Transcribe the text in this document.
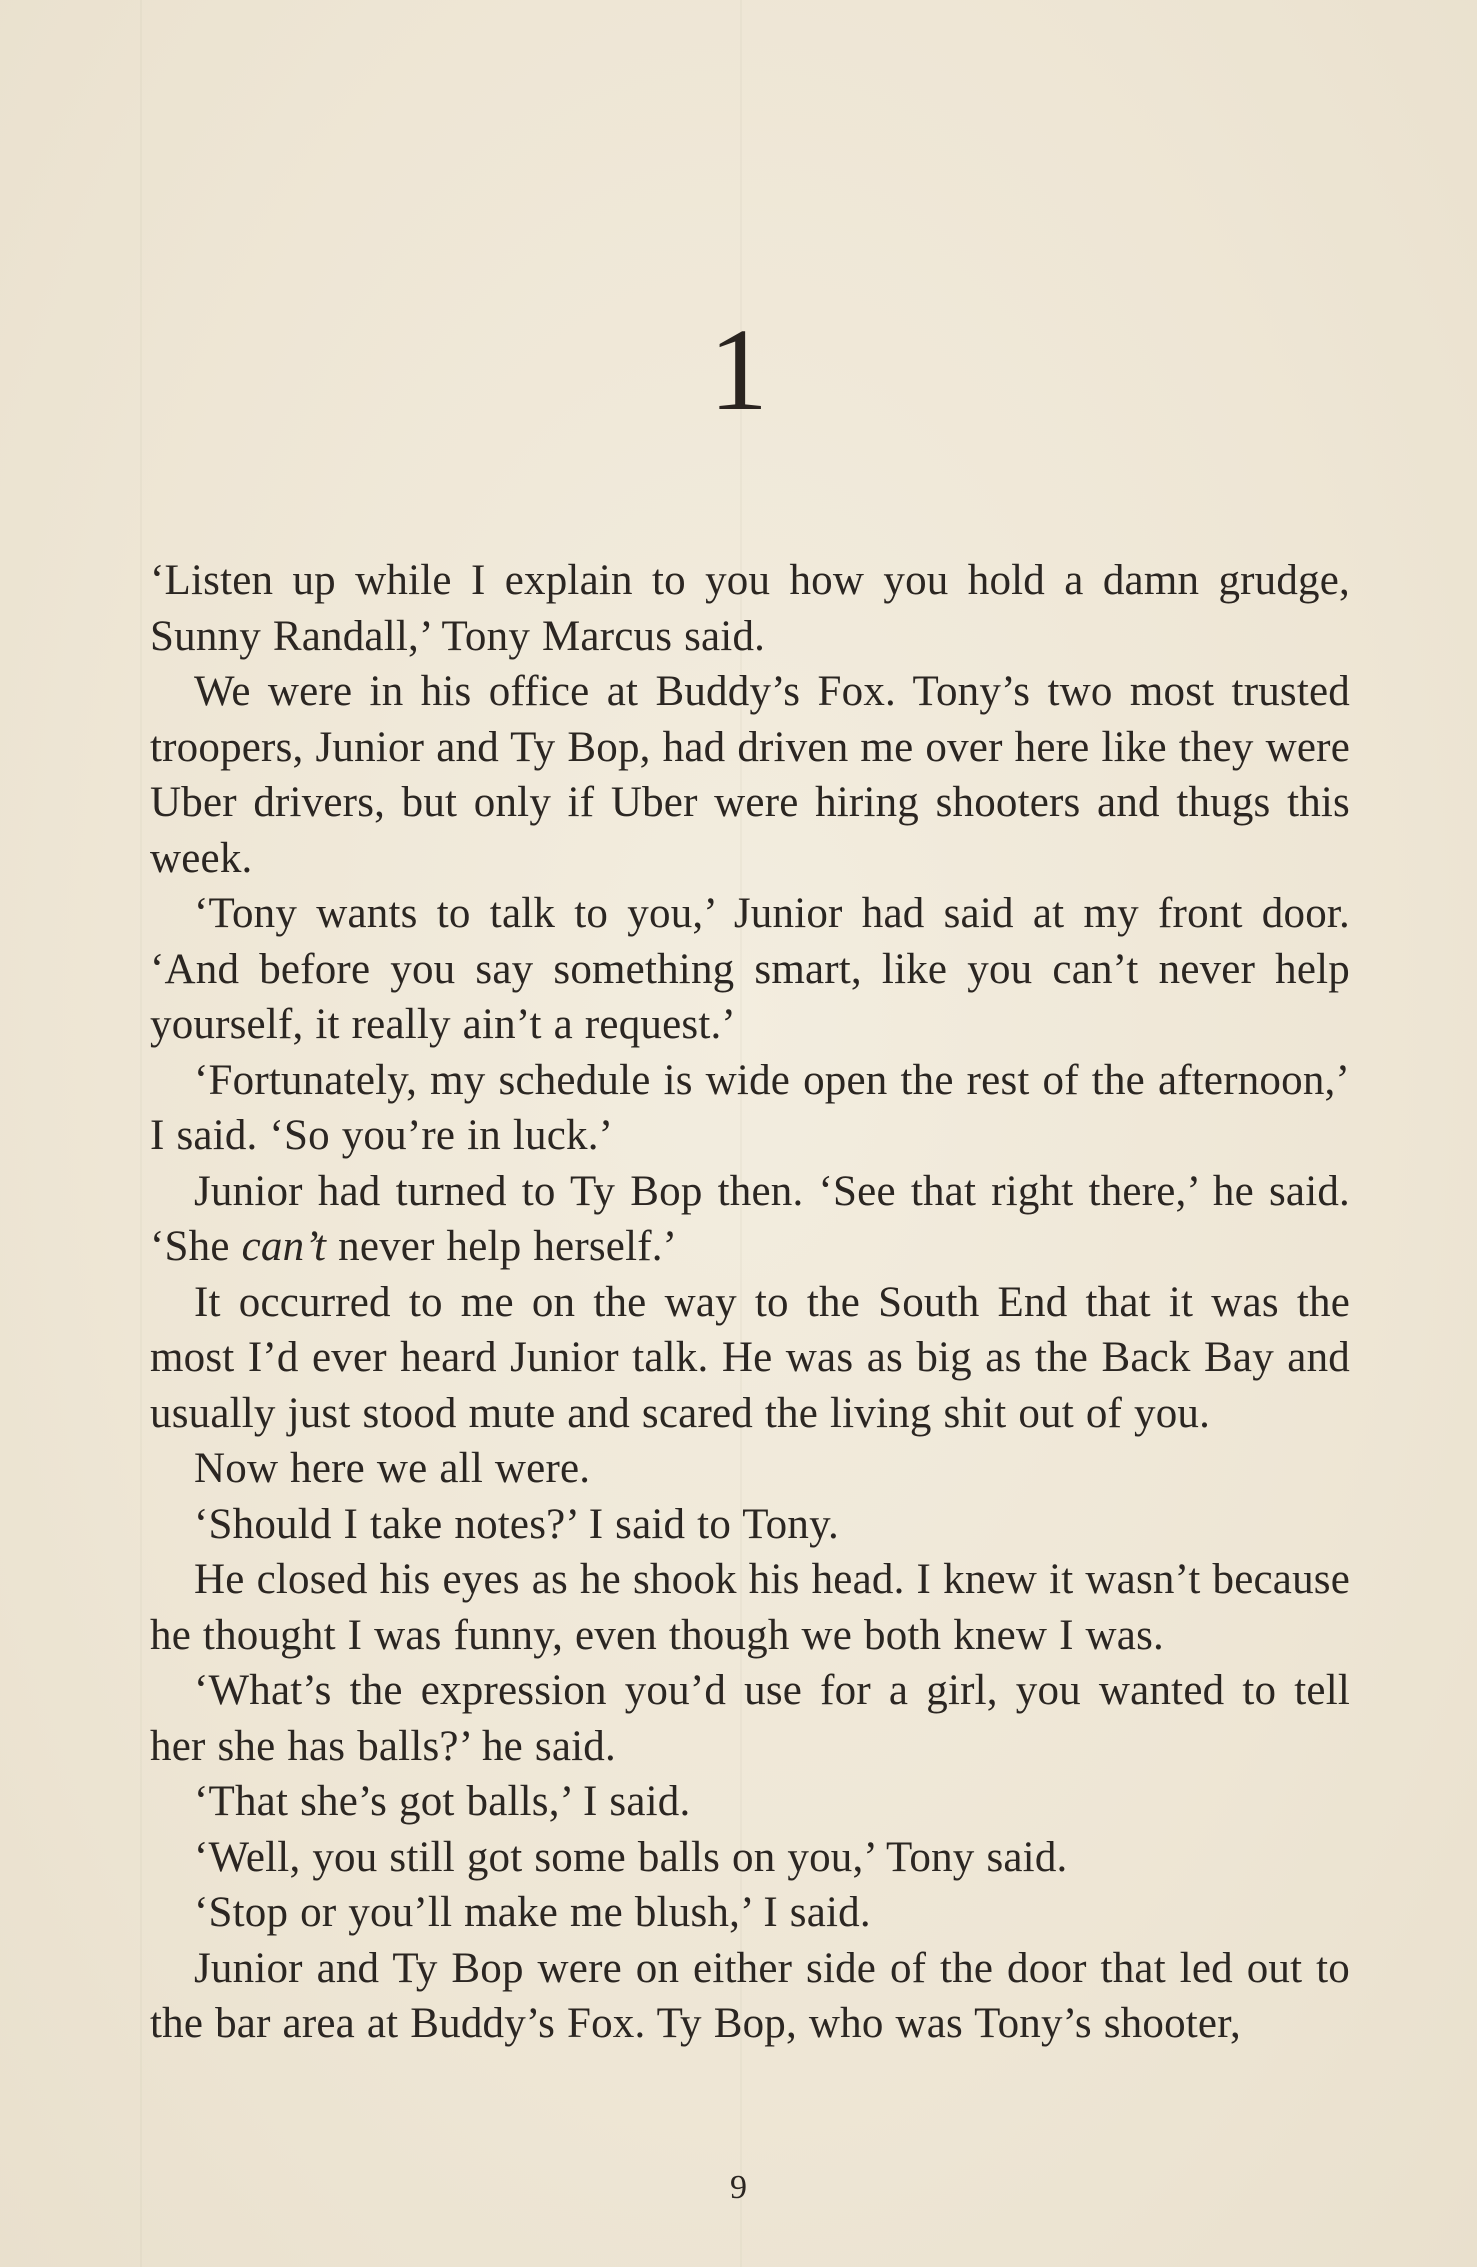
1

‘Listen up while I explain to you how you hold a damn grudge, Sunny Randall,’ Tony Marcus said.

We were in his office at Buddy’s Fox. Tony’s two most trusted troopers, Junior and Ty Bop, had driven me over here like they were Uber drivers, but only if Uber were hiring shooters and thugs this week.

‘Tony wants to talk to you,’ Junior had said at my front door. ‘And before you say something smart, like you can’t never help yourself, it really ain’t a request.’

‘Fortunately, my schedule is wide open the rest of the afternoon,’ I said. ‘So you’re in luck.’

Junior had turned to Ty Bop then. ‘See that right there,’ he said. ‘She can’t never help herself.’

It occurred to me on the way to the South End that it was the most I’d ever heard Junior talk. He was as big as the Back Bay and usually just stood mute and scared the living shit out of you.

Now here we all were.

‘Should I take notes?’ I said to Tony.

He closed his eyes as he shook his head. I knew it wasn’t because he thought I was funny, even though we both knew I was.

‘What’s the expression you’d use for a girl, you wanted to tell her she has balls?’ he said.

‘That she’s got balls,’ I said.

‘Well, you still got some balls on you,’ Tony said.

‘Stop or you’ll make me blush,’ I said.

Junior and Ty Bop were on either side of the door that led out to the bar area at Buddy’s Fox. Ty Bop, who was Tony’s shooter,

9
